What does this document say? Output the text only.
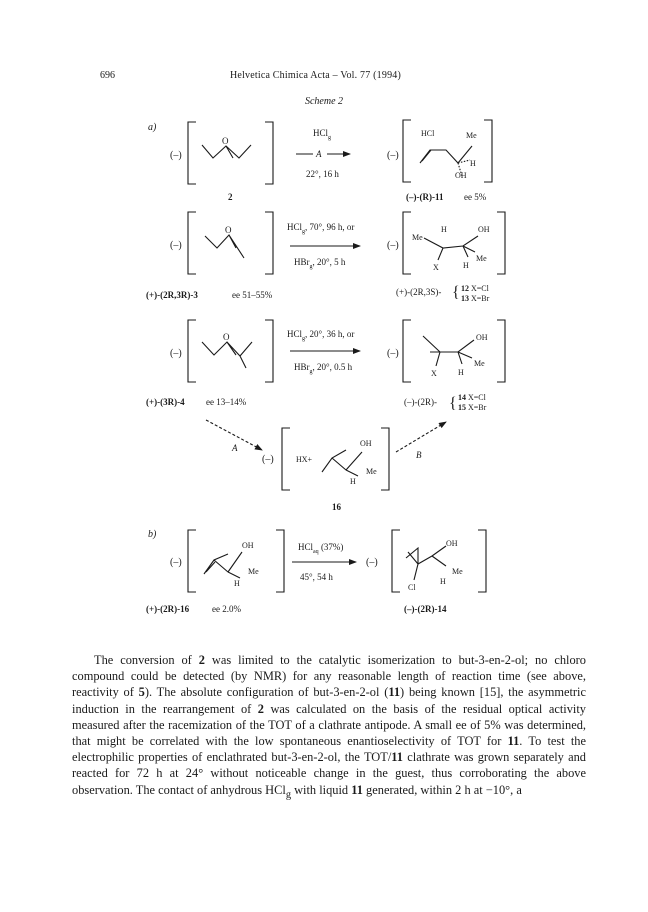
696	Helvetica Chimica Acta – Vol. 77 (1994)
Scheme 2
a)
b)
(–)
O
2
HCl$_g$
A
22°, 16 h
(–)
HCl	Me
H
OH
(–)-(R)-11 ee 5%
(–)
O
(+)-(2R,3R)-3	ee 51–55%
HCl$_g$, 70°, 96 h, or
HBr$_g$, 20°, 5 h
(–)
Me
H	OH
X	H
Me
(+)-(2R,3S)- { 12 X=Cl
13 X=Br
(–)
O
(+)-(3R)-4 ee 13–14%
HCl$_g$, 20°, 36 h, or
HBr$_g$, 20°, 0.5 h
(–)
OH
X	H
Me
(–)-(2R)- { 14 X=Cl
15 X=Br
A
B
(–)	HX+
OH
Me
H
16
(–)
OH
Me
H
(+)-(2R)-16	ee 2.0%
HCl$_{aq}$ (37%)
45°, 54 h
(–)
OH
Me
Cl
H
(–)-(2R)-14

The conversion of 2 was limited to the catalytic isomerization to but-3-en-2-ol; no chloro compound could be detected (by NMR) for any reasonable length of reaction time (see above, reactivity of 5). The absolute configuration of but-3-en-2-ol (11) being known [15], the asymmetric induction in the rearrangement of 2 was calculated on the basis of the residual optical activity measured after the racemization of the TOT of a clathrate antipode. A small ee of 5% was determined, that might be correlated with the low spontaneous enantioselectivity of TOT for 11. To test the electrophilic properties of enclathrated but-3-en-2-ol, the TOT/11 clathrate was grown separately and reacted for 72 h at 24° without noticeable change in the guest, thus corroborating the above observation. The contact of anhydrous HCl$_g$ with liquid 11 generated, within 2 h at −10°, a
